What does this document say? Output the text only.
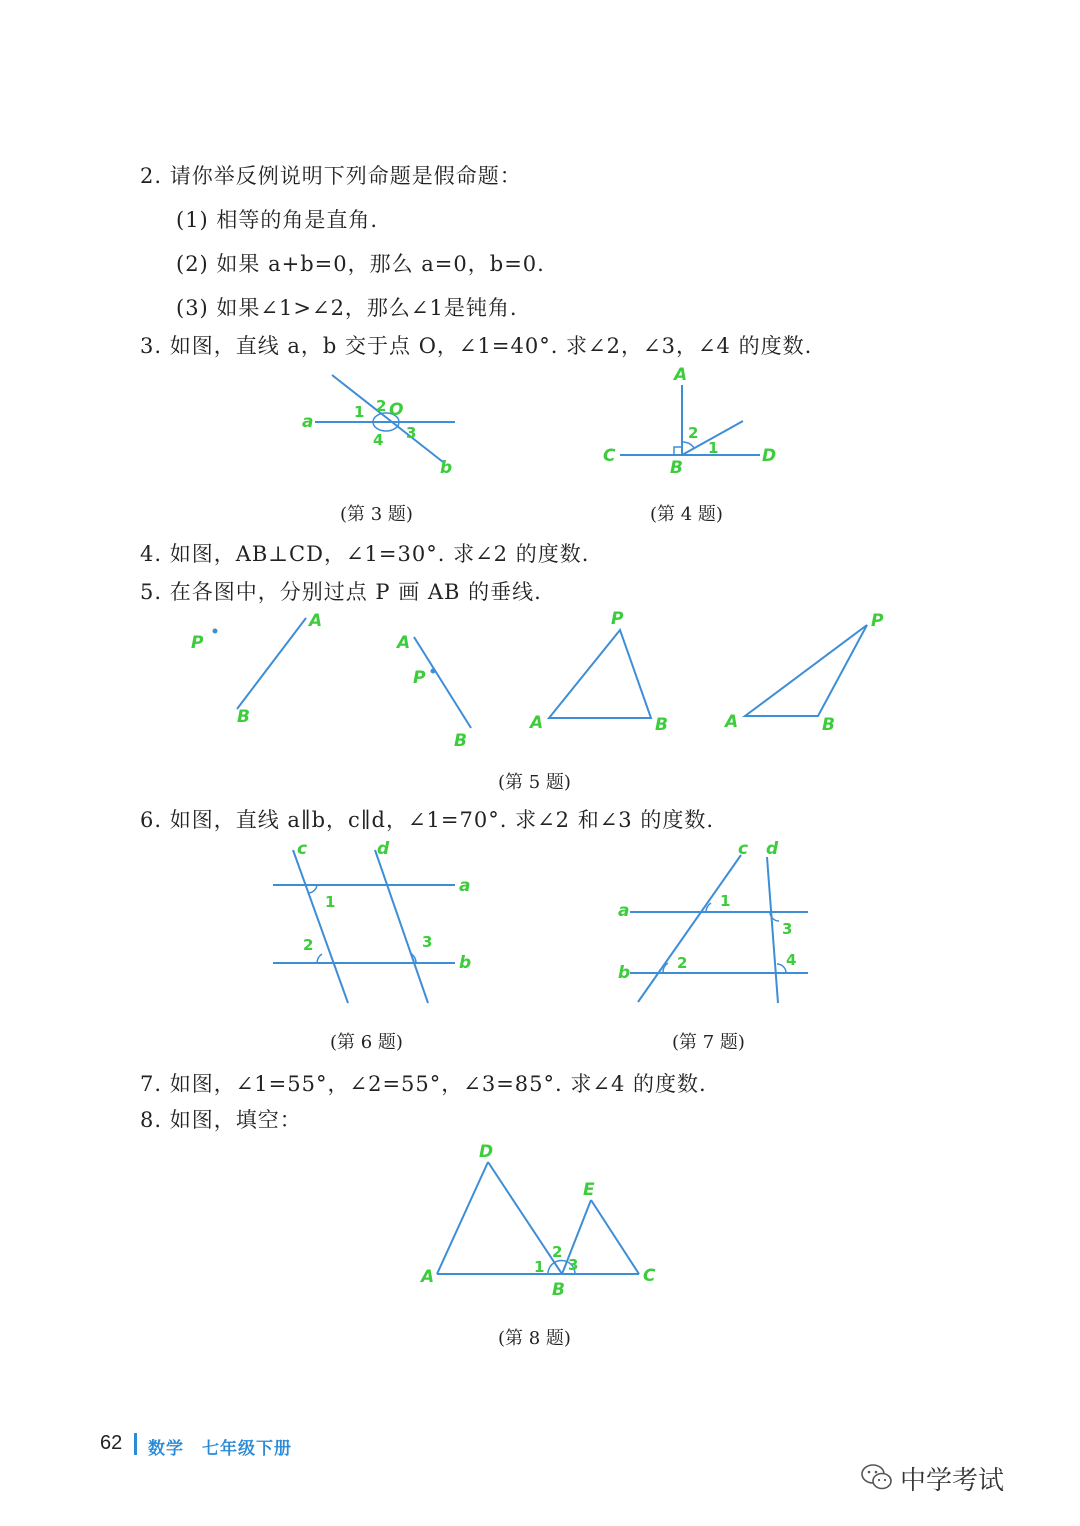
2. 请你举反例说明下列命题是假命题：
(1) 相等的角是直角.
(2) 如果 a+b=0，那么 a=0，b=0.
(3) 如果∠1>∠2，那么∠1是钝角.
3. 如图，直线 a，b 交于点 O，∠1=40°. 求∠2，∠3，∠4 的度数.
a
b
O
1 2
3
4
(第 3 题)
A
B
C	D
1
2
(第 4 题)
4. 如图，AB⊥CD，∠1=30°. 求∠2 的度数.
5. 在各图中，分别过点 P 画 AB 的垂线.
P
A
B
A
P
B
P
A	B
P
A	B
(第 5 题)
6. 如图，直线 a∥b，c∥d，∠1=70°. 求∠2 和∠3 的度数.
c	d
a
b
1
2	3
(第 6 题)
c d
a
b
1
2
3
4
(第 7 题)
7. 如图，∠1=55°，∠2=55°，∠3=85°. 求∠4 的度数.
8. 如图，填空：
D
E
A
B
C
1
2
3
(第 8 题)
62 数学　七年级下册
中学考试
